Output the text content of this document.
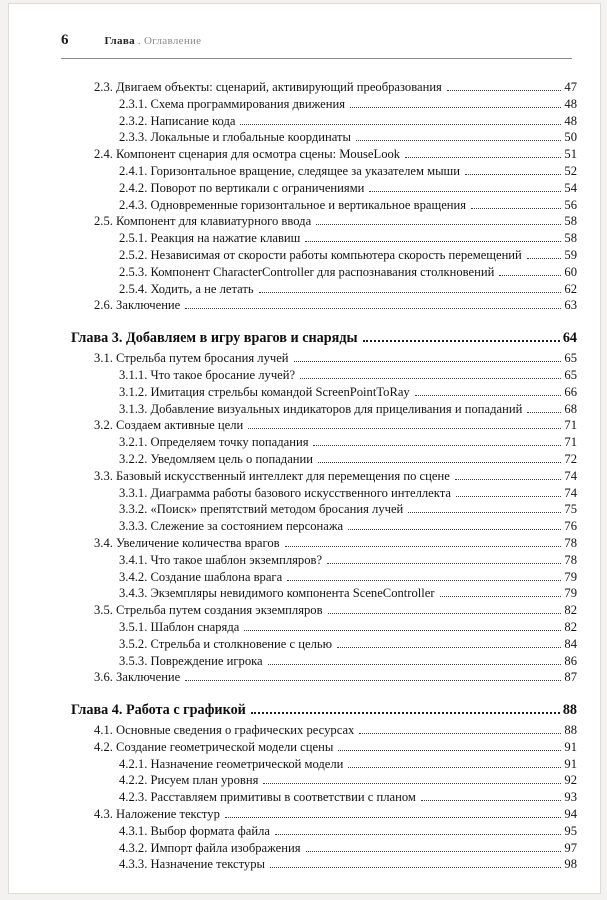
6	Глава . Оглавление
2.3. Двигаем объекты: сценарий, активирующий преобразования	47
2.3.1. Схема программирования движения	48
2.3.2. Написание кода	48
2.3.3. Локальные и глобальные координаты	50
2.4. Компонент сценария для осмотра сцены: MouseLook	51
2.4.1. Горизонтальное вращение, следящее за указателем мыши	52
2.4.2. Поворот по вертикали с ограничениями	54
2.4.3. Одновременные горизонтальное и вертикальное вращения	56
2.5. Компонент для клавиатурного ввода	58
2.5.1. Реакция на нажатие клавиш	58
2.5.2. Независимая от скорости работы компьютера скорость перемещений	59
2.5.3. Компонент CharacterController для распознавания столкновений	60
2.5.4. Ходить, а не летать	62
2.6. Заключение	63
Глава 3. Добавляем в игру врагов и снаряды	64
3.1. Стрельба путем бросания лучей	65
3.1.1. Что такое бросание лучей?	65
3.1.2. Имитация стрельбы командой ScreenPointToRay	66
3.1.3. Добавление визуальных индикаторов для прицеливания и попаданий	68
3.2. Создаем активные цели	71
3.2.1. Определяем точку попадания	71
3.2.2. Уведомляем цель о попадании	72
3.3. Базовый искусственный интеллект для перемещения по сцене	74
3.3.1. Диаграмма работы базового искусственного интеллекта	74
3.3.2. «Поиск» препятствий методом бросания лучей	75
3.3.3. Слежение за состоянием персонажа	76
3.4. Увеличение количества врагов	78
3.4.1. Что такое шаблон экземпляров?	78
3.4.2. Создание шаблона врага	79
3.4.3. Экземпляры невидимого компонента SceneController	79
3.5. Стрельба путем создания экземпляров	82
3.5.1. Шаблон снаряда	82
3.5.2. Стрельба и столкновение с целью	84
3.5.3. Повреждение игрока	86
3.6. Заключение	87
Глава 4. Работа с графикой	88
4.1. Основные сведения о графических ресурсах	88
4.2. Создание геометрической модели сцены	91
4.2.1. Назначение геометрической модели	91
4.2.2. Рисуем план уровня	92
4.2.3. Расставляем примитивы в соответствии с планом	93
4.3. Наложение текстур	94
4.3.1. Выбор формата файла	95
4.3.2. Импорт файла изображения	97
4.3.3. Назначение текстуры	98
